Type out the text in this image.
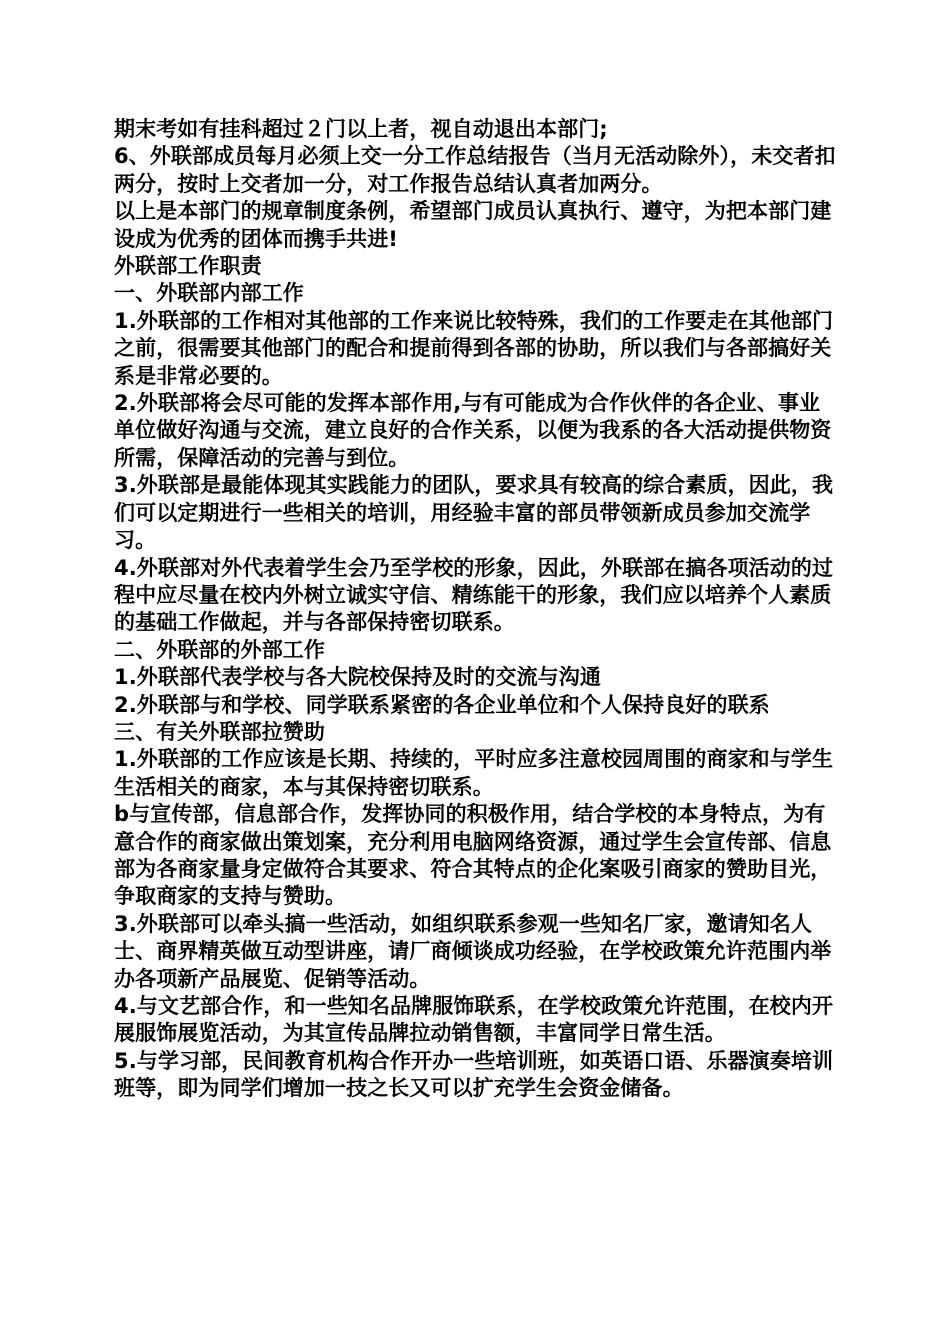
期末考如有挂科超过２门以上者，视自动退出本部门;

6、外联部成员每月必须上交一分工作总结报告（当月无活动除外），未交者扣两分，按时上交者加一分，对工作报告总结认真者加两分。

以上是本部门的规章制度条例，希望部门成员认真执行、遵守，为把本部门建设成为优秀的团体而携手共进!

外联部工作职责

一、外联部内部工作

1.外联部的工作相对其他部的工作来说比较特殊，我们的工作要走在其他部门之前，很需要其他部门的配合和提前得到各部的协助，所以我们与各部搞好关系是非常必要的。

2.外联部将会尽可能的发挥本部作用,与有可能成为合作伙伴的各企业、事业单位做好沟通与交流，建立良好的合作关系，以便为我系的各大活动提供物资所需，保障活动的完善与到位。

3.外联部是最能体现其实践能力的团队，要求具有较高的综合素质，因此，我们可以定期进行一些相关的培训，用经验丰富的部员带领新成员参加交流学习。

4.外联部对外代表着学生会乃至学校的形象，因此，外联部在搞各项活动的过程中应尽量在校内外树立诚实守信、精练能干的形象，我们应以培养个人素质的基础工作做起，并与各部保持密切联系。

二、外联部的外部工作

1.外联部代表学校与各大院校保持及时的交流与沟通

2.外联部与和学校、同学联系紧密的各企业单位和个人保持良好的联系

三、有关外联部拉赞助

1.外联部的工作应该是长期、持续的，平时应多注意校园周围的商家和与学生生活相关的商家，本与其保持密切联系。

b与宣传部，信息部合作，发挥协同的积极作用，结合学校的本身特点，为有意合作的商家做出策划案，充分利用电脑网络资源，通过学生会宣传部、信息

部为各商家量身定做符合其要求、符合其特点的企化案吸引商家的赞助目光，争取商家的支持与赞助。

3.外联部可以牵头搞一些活动，如组织联系参观一些知名厂家，邀请知名人士、商界精英做互动型讲座，请厂商倾谈成功经验，在学校政策允许范围内举办各项新产品展览、促销等活动。

4.与文艺部合作，和一些知名品牌服饰联系，在学校政策允许范围，在校内开展服饰展览活动，为其宣传品牌拉动销售额，丰富同学日常生活。

5.与学习部，民间教育机构合作开办一些培训班，如英语口语、乐器演奏培训班等，即为同学们增加一技之长又可以扩充学生会资金储备。
